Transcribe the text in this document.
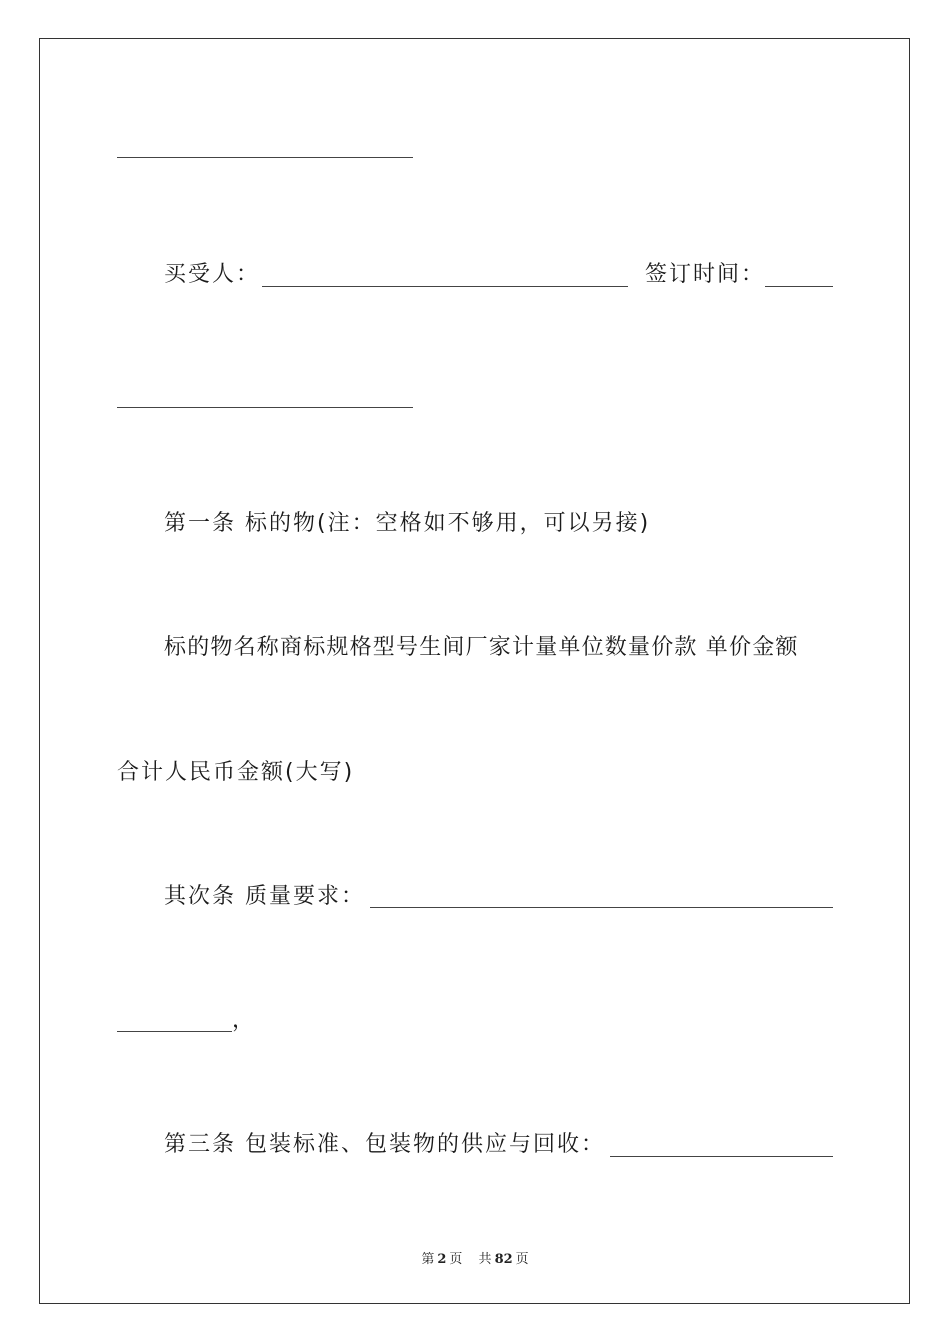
买受人：	签订时间：
第一条 标的物(注：空格如不够用，可以另接)
标的物名称商标规格型号生间厂家计量单位数量价款 单价金额
合计人民币金额(大写)
其次条 质量要求：
，
第三条 包装标准、包装物的供应与回收：
第 2 页 共 82 页
